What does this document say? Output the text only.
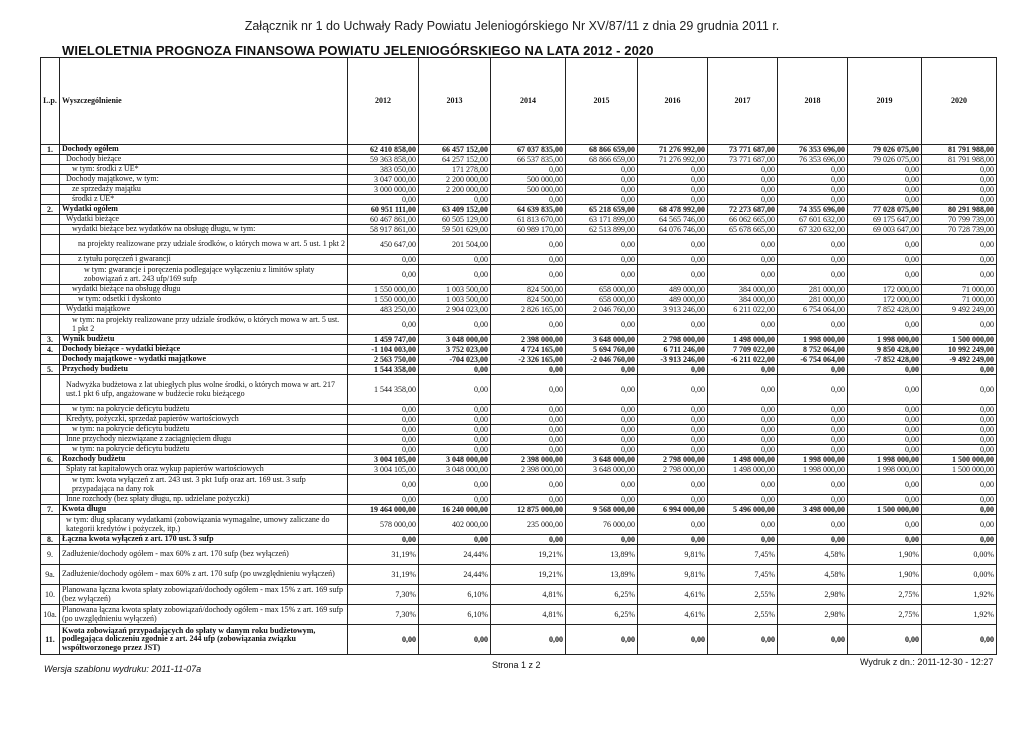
Załącznik nr 1 do Uchwały Rady Powiatu Jeleniogórskiego Nr XV/87/11 z dnia 29 grudnia 2011 r.
WIELOLETNIA PROGNOZA FINANSOWA POWIATU JELENIOGÓRSKIEGO NA LATA 2012 - 2020
L.p.	Wyszczególnienie	2012	2013	2014	2015	2016	2017	2018	2019	2020
1.	Dochody ogółem	62 410 858,00	66 457 152,00	67 037 835,00	68 866 659,00	71 276 992,00	73 771 687,00	76 353 696,00	79 026 075,00	81 791 988,00
	Dochody bieżące	59 363 858,00	64 257 152,00	66 537 835,00	68 866 659,00	71 276 992,00	73 771 687,00	76 353 696,00	79 026 075,00	81 791 988,00
	w tym: środki z UE*	383 050,00	171 278,00	0,00	0,00	0,00	0,00	0,00	0,00	0,00
	Dochody majątkowe, w tym:	3 047 000,00	2 200 000,00	500 000,00	0,00	0,00	0,00	0,00	0,00	0,00
	ze sprzedaży majątku	3 000 000,00	2 200 000,00	500 000,00	0,00	0,00	0,00	0,00	0,00	0,00
	środki z UE*	0,00	0,00	0,00	0,00	0,00	0,00	0,00	0,00	0,00
2.	Wydatki ogółem	60 951 111,00	63 409 152,00	64 639 835,00	65 218 659,00	68 478 992,00	72 273 687,00	74 355 696,00	77 028 075,00	80 291 988,00
	Wydatki bieżące	60 467 861,00	60 505 129,00	61 813 670,00	63 171 899,00	64 565 746,00	66 062 665,00	67 601 632,00	69 175 647,00	70 799 739,00
	wydatki bieżące bez wydatków na obsługę długu, w tym:	58 917 861,00	59 501 629,00	60 989 170,00	62 513 899,00	64 076 746,00	65 678 665,00	67 320 632,00	69 003 647,00	70 728 739,00
	na projekty realizowane przy udziale środków, o których mowa w art. 5 ust. 1 pkt 2	450 647,00	201 504,00	0,00	0,00	0,00	0,00	0,00	0,00	0,00
	z tytułu poręczeń i gwarancji	0,00	0,00	0,00	0,00	0,00	0,00	0,00	0,00	0,00
	w tym: gwarancje i poręczenia podlegające wyłączeniu z limitów spłaty zobowiązań z art. 243 ufp/169 sufp	0,00	0,00	0,00	0,00	0,00	0,00	0,00	0,00	0,00
	wydatki bieżące na obsługę długu	1 550 000,00	1 003 500,00	824 500,00	658 000,00	489 000,00	384 000,00	281 000,00	172 000,00	71 000,00
	w tym: odsetki i dyskonto	1 550 000,00	1 003 500,00	824 500,00	658 000,00	489 000,00	384 000,00	281 000,00	172 000,00	71 000,00
	Wydatki majątkowe	483 250,00	2 904 023,00	2 826 165,00	2 046 760,00	3 913 246,00	6 211 022,00	6 754 064,00	7 852 428,00	9 492 249,00
	w tym: na projekty realizowane przy udziale środków, o których mowa w art. 5 ust. 1 pkt 2	0,00	0,00	0,00	0,00	0,00	0,00	0,00	0,00	0,00
3.	Wynik budżetu	1 459 747,00	3 048 000,00	2 398 000,00	3 648 000,00	2 798 000,00	1 498 000,00	1 998 000,00	1 998 000,00	1 500 000,00
4.	Dochody bieżące - wydatki bieżące	-1 104 003,00	3 752 023,00	4 724 165,00	5 694 760,00	6 711 246,00	7 709 022,00	8 752 064,00	9 850 428,00	10 992 249,00
	Dochody majątkowe - wydatki majątkowe	2 563 750,00	-704 023,00	-2 326 165,00	-2 046 760,00	-3 913 246,00	-6 211 022,00	-6 754 064,00	-7 852 428,00	-9 492 249,00
5.	Przychody budżetu	1 544 358,00	0,00	0,00	0,00	0,00	0,00	0,00	0,00	0,00
	Nadwyżka budżetowa z lat ubiegłych plus wolne środki, o których mowa w art. 217 ust.1 pkt 6 ufp, angażowane w budżecie roku bieżącego	1 544 358,00	0,00	0,00	0,00	0,00	0,00	0,00	0,00	0,00
	w tym: na pokrycie deficytu budżetu	0,00	0,00	0,00	0,00	0,00	0,00	0,00	0,00	0,00
	Kredyty, pożyczki, sprzedaż papierów wartościowych	0,00	0,00	0,00	0,00	0,00	0,00	0,00	0,00	0,00
	w tym: na pokrycie deficytu budżetu	0,00	0,00	0,00	0,00	0,00	0,00	0,00	0,00	0,00
	Inne przychody niezwiązane z zaciągnięciem długu	0,00	0,00	0,00	0,00	0,00	0,00	0,00	0,00	0,00
	w tym: na pokrycie deficytu budżetu	0,00	0,00	0,00	0,00	0,00	0,00	0,00	0,00	0,00
6.	Rozchody budżetu	3 004 105,00	3 048 000,00	2 398 000,00	3 648 000,00	2 798 000,00	1 498 000,00	1 998 000,00	1 998 000,00	1 500 000,00
	Spłaty rat kapitałowych oraz wykup papierów wartościowych	3 004 105,00	3 048 000,00	2 398 000,00	3 648 000,00	2 798 000,00	1 498 000,00	1 998 000,00	1 998 000,00	1 500 000,00
	w tym: kwota wyłączeń z art. 243 ust. 3 pkt 1ufp oraz art. 169 ust. 3 sufp przypadająca na dany rok	0,00	0,00	0,00	0,00	0,00	0,00	0,00	0,00	0,00
	Inne rozchody (bez spłaty długu, np. udzielane pożyczki)	0,00	0,00	0,00	0,00	0,00	0,00	0,00	0,00	0,00
7.	Kwota długu	19 464 000,00	16 240 000,00	12 875 000,00	9 568 000,00	6 994 000,00	5 496 000,00	3 498 000,00	1 500 000,00	0,00
	w tym: dług spłacany wydatkami (zobowiązania wymagalne, umowy zaliczane do kategorii kredytów i pożyczek, itp.)	578 000,00	402 000,00	235 000,00	76 000,00	0,00	0,00	0,00	0,00	0,00
8.	Łączna kwota wyłączeń z art. 170 ust. 3 sufp	0,00	0,00	0,00	0,00	0,00	0,00	0,00	0,00	0,00
9.	Zadłużenie/dochody ogółem - max 60% z art. 170 sufp (bez wyłączeń)	31,19%	24,44%	19,21%	13,89%	9,81%	7,45%	4,58%	1,90%	0,00%
9a.	Zadłużenie/dochody ogółem - max 60% z art. 170 sufp (po uwzględnieniu wyłączeń)	31,19%	24,44%	19,21%	13,89%	9,81%	7,45%	4,58%	1,90%	0,00%
10.	Planowana łączna kwota spłaty zobowiązań/dochody ogółem - max 15% z art. 169 sufp (bez wyłączeń)	7,30%	6,10%	4,81%	6,25%	4,61%	2,55%	2,98%	2,75%	1,92%
10a.	Planowana łączna kwota spłaty zobowiązań/dochody ogółem - max 15% z art. 169 sufp (po uwzględnieniu wyłączeń)	7,30%	6,10%	4,81%	6,25%	4,61%	2,55%	2,98%	2,75%	1,92%
11.	Kwota zobowiązań przypadających do spłaty w danym roku budżetowym, podlegająca doliczeniu zgodnie z art. 244 ufp (zobowiązania związku współtworzonego przez JST)	0,00	0,00	0,00	0,00	0,00	0,00	0,00	0,00	0,00
Wersja szablonu wydruku: 2011-11-07a	Strona 1 z 2	Wydruk z dn.: 2011-12-30 - 12:27
